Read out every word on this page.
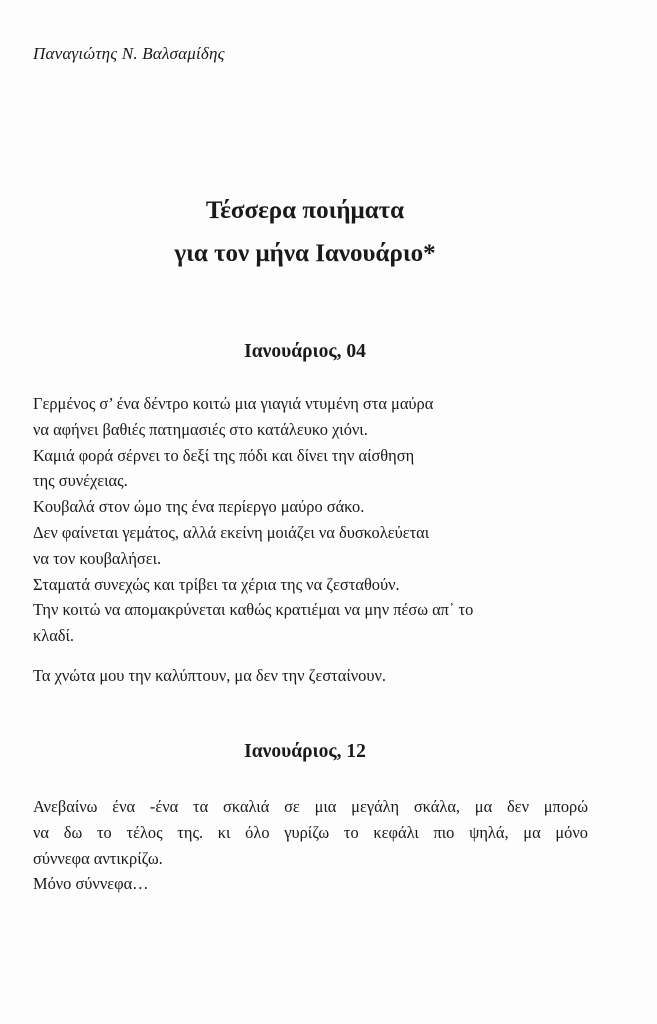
Παναγιώτης Ν. Βαλσαμίδης
Τέσσερα ποιήματα
για τον μήνα Ιανουάριο*
Ιανουάριος, 04
Γερμένος σ’ ένα δέντρο κοιτώ μια γιαγιά ντυμένη στα μαύρα
να αφήνει βαθιές πατημασιές στο κατάλευκο χιόνι.
Καμιά φορά σέρνει το δεξί της πόδι και δίνει την αίσθηση
της συνέχειας.
Κουβαλά στον ώμο της ένα περίεργο μαύρο σάκο.
Δεν φαίνεται γεμάτος, αλλά εκείνη μοιάζει να δυσκολεύεται
να τον κουβαλήσει.
Σταματά συνεχώς και τρίβει τα χέρια της να ζεσταθούν.
Την κοιτώ να απομακρύνεται καθώς κρατιέμαι να μην πέσω απ᾽ το
κλαδί.
Τα χνώτα μου την καλύπτουν, μα δεν την ζεσταίνουν.
Ιανουάριος, 12
Ανεβαίνω ένα -ένα τα σκαλιά σε μια μεγάλη σκάλα, μα δεν μπορώ
να δω το τέλος της. κι όλο γυρίζω το κεφάλι πιο ψηλά, μα μόνο
σύννεφα αντικρίζω.
Μόνο σύννεφα…
